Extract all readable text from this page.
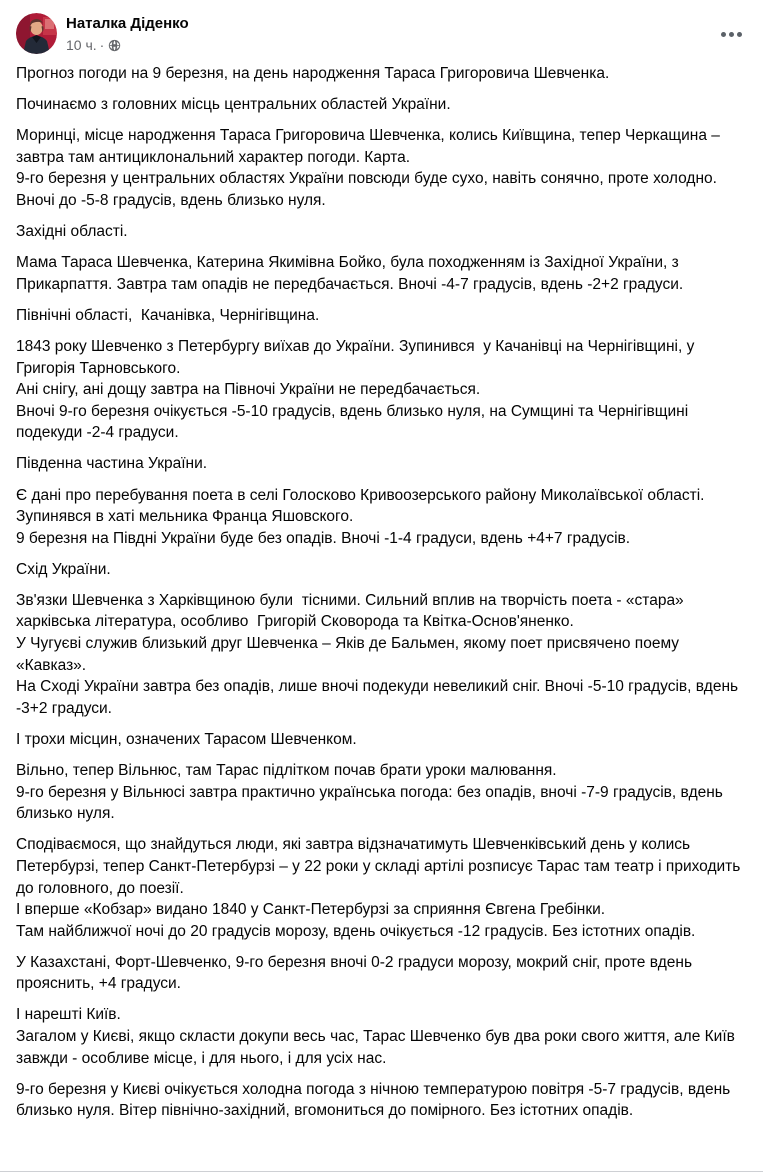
Наталка Діденко
10 ч. ·
Прогноз погоди на 9 березня, на день народження Тараса Григоровича Шевченка.
Починаємо з головних місць центральних областей України.
Моринці, місце народження Тараса Григоровича Шевченка, колись Київщина, тепер Черкащина – завтра там антициклональний характер погоди. Карта.
9-го березня у центральних областях України повсюди буде сухо, навіть сонячно, проте холодно. Вночі до -5-8 градусів, вдень близько нуля.
Західні області.
Мама Тараса Шевченка, Катерина Якимівна Бойко, була походженням із Західної України, з Прикарпаття. Завтра там опадів не передбачається. Вночі -4-7 градусів, вдень -2+2 градуси.
Північні області,  Качанівка, Чернігівщина.
1843 року Шевченко з Петербургу виїхав до України. Зупинився  у Качанівці на Чернігівщині, у  Григорія Тарновського.
Ані снігу, ані дощу завтра на Півночі України не передбачається.
Вночі 9-го березня очікується -5-10 градусів, вдень близько нуля, на Сумщині та Чернігівщині подекуди -2-4 градуси.
Південна частина України.
Є дані про перебування поета в селі Голосково Кривоозерського району Миколаївської області. Зупинявся в хаті мельника Франца Яшовского.
9 березня на Півдні України буде без опадів. Вночі -1-4 градуси, вдень +4+7 градусів.
Схід України.
Зв'язки Шевченка з Харківщиною були  тісними. Сильний вплив на творчість поета - «стара» харківська література, особливо  Григорій Сковорода та Квітка-Основ'яненко.
У Чугуєві служив близький друг Шевченка – Яків де Бальмен, якому поет присвячено поему «Кавказ».
На Сході України завтра без опадів, лише вночі подекуди невеликий сніг. Вночі -5-10 градусів, вдень -3+2 градуси.
І трохи місцин, означених Тарасом Шевченком.
Вільно, тепер Вільнюс, там Тарас підлітком почав брати уроки малювання.
9-го березня у Вільнюсі завтра практично українська погода: без опадів, вночі -7-9 градусів, вдень близько нуля.
Сподіваємося, що знайдуться люди, які завтра відзначатимуть Шевченківський день у колись Петербурзі, тепер Санкт-Петербурзі – у 22 роки у складі артілі розписує Тарас там театр і приходить до головного, до поезії.
І вперше «Кобзар» видано 1840 у Санкт-Петербурзі за сприяння Євгена Гребінки.
Там найближчої ночі до 20 градусів морозу, вдень очікується -12 градусів. Без істотних опадів.
У Казахстані, Форт-Шевченко, 9-го березня вночі 0-2 градуси морозу, мокрий сніг, проте вдень прояснить, +4 градуси.
І нарешті Київ.
Загалом у Києві, якщо скласти докупи весь час, Тарас Шевченко був два роки свого життя, але Київ завжди - особливе місце, і для нього, і для усіх нас.
9-го березня у Києві очікується холодна погода з нічною температурою повітря -5-7 градусів, вдень близько нуля. Вітер північно-західний, вгомониться до помірного. Без істотних опадів.
